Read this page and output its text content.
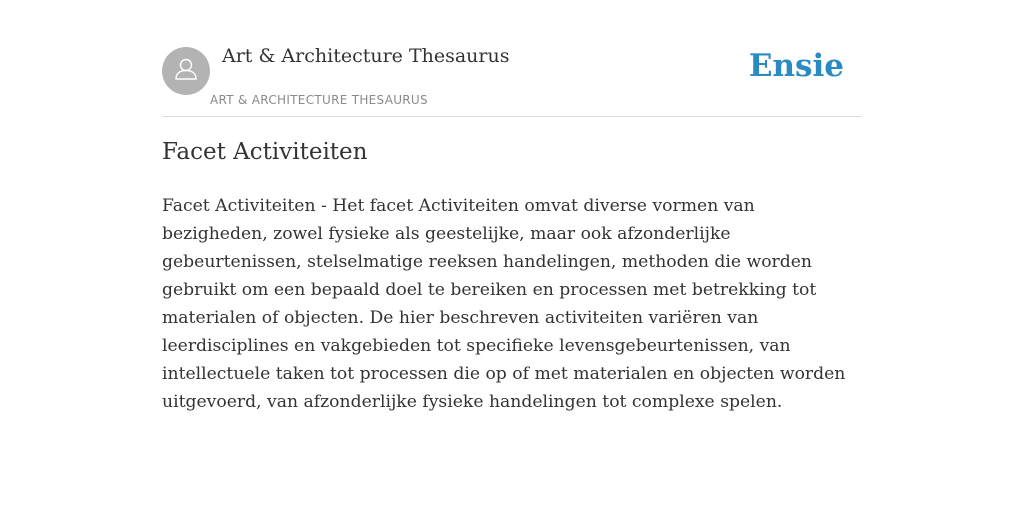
Art & Architecture Thesaurus
ART & ARCHITECTURE THESAURUS
Ensie
Facet Activiteiten

Facet Activiteiten - Het facet Activiteiten omvat diverse vormen van bezigheden, zowel fysieke als geestelijke, maar ook afzonderlijke gebeurtenissen, stelselmatige reeksen handelingen, methoden die worden gebruikt om een bepaald doel te bereiken en processen met betrekking tot materialen of objecten. De hier beschreven activiteiten variëren van leerdisciplines en vakgebieden tot specifieke levensgebeurtenissen, van intellectuele taken tot processen die op of met materialen en objecten worden uitgevoerd, van afzonderlijke fysieke handelingen tot complexe spelen.
